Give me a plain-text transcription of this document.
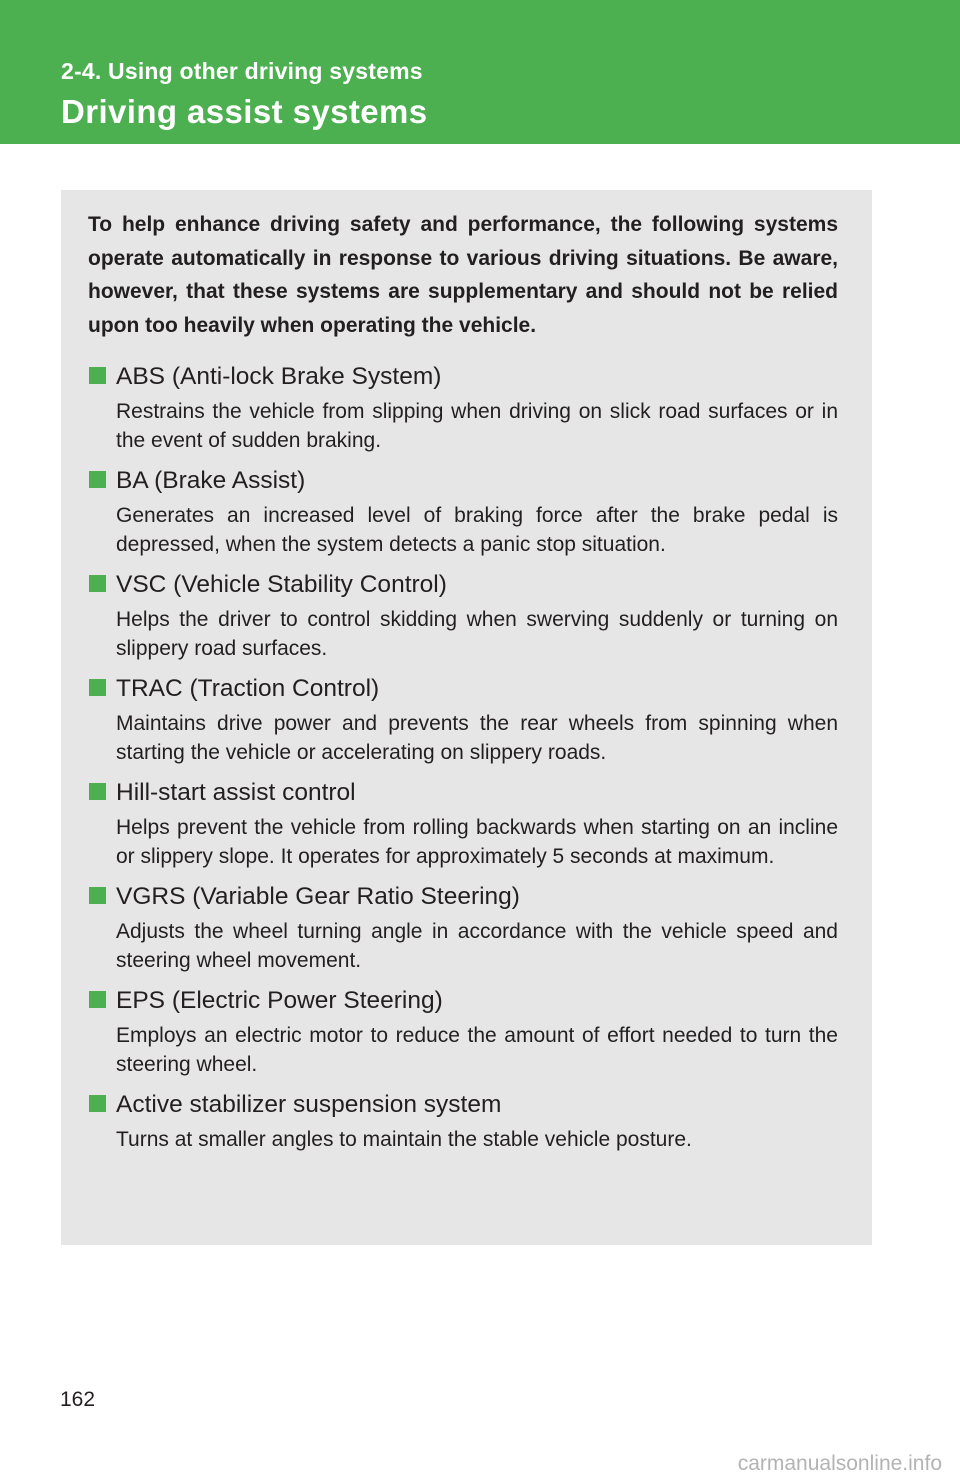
2-4. Using other driving systems
Driving assist systems

To help enhance driving safety and performance, the following systems operate automatically in response to various driving situations. Be aware, however, that these systems are supplementary and should not be relied upon too heavily when operating the vehicle.

ABS (Anti-lock Brake System)

Restrains the vehicle from slipping when driving on slick road surfaces or in the event of sudden braking.

BA (Brake Assist)

Generates an increased level of braking force after the brake pedal is depressed, when the system detects a panic stop situation.

VSC (Vehicle Stability Control)

Helps the driver to control skidding when swerving suddenly or turning on slippery road surfaces.

TRAC (Traction Control)

Maintains drive power and prevents the rear wheels from spinning when starting the vehicle or accelerating on slippery roads.

Hill-start assist control

Helps prevent the vehicle from rolling backwards when starting on an incline or slippery slope. It operates for approximately 5 seconds at maximum.

VGRS (Variable Gear Ratio Steering)

Adjusts the wheel turning angle in accordance with the vehicle speed and steering wheel movement.

EPS (Electric Power Steering)

Employs an electric motor to reduce the amount of effort needed to turn the steering wheel.

Active stabilizer suspension system

Turns at smaller angles to maintain the stable vehicle posture.

162
carmanualsonline.info
